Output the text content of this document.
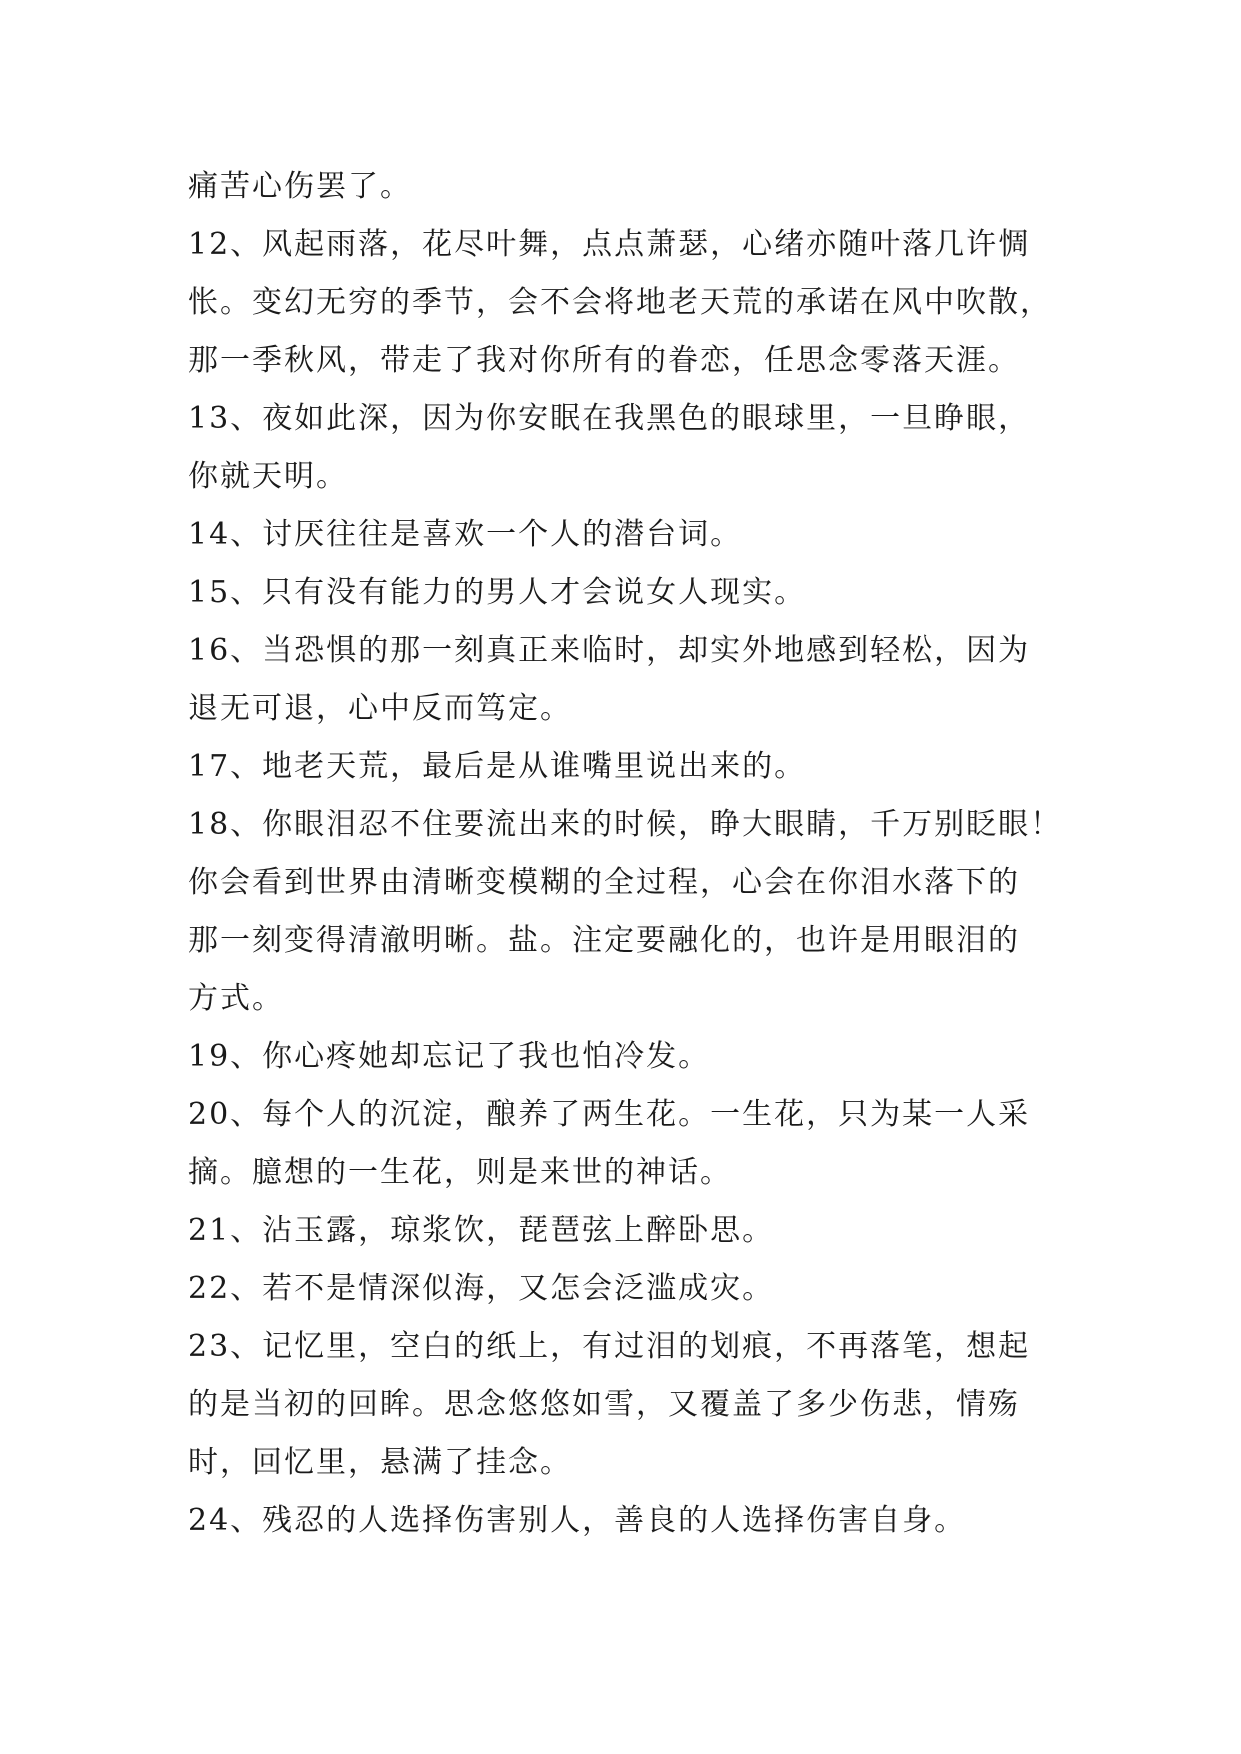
痛苦心伤罢了。
12、风起雨落，花尽叶舞，点点萧瑟，心绪亦随叶落几许惆
怅。变幻无穷的季节，会不会将地老天荒的承诺在风中吹散，
那一季秋风，带走了我对你所有的眷恋，任思念零落天涯。
13、夜如此深，因为你安眠在我黑色的眼球里，一旦睁眼，
你就天明。
14、讨厌往往是喜欢一个人的潜台词。
15、只有没有能力的男人才会说女人现实。
16、当恐惧的那一刻真正来临时，却实外地感到轻松，因为
退无可退，心中反而笃定。
17、地老天荒，最后是从谁嘴里说出来的。
18、你眼泪忍不住要流出来的时候，睁大眼睛，千万别眨眼！
你会看到世界由清晰变模糊的全过程，心会在你泪水落下的
那一刻变得清澈明晰。盐。注定要融化的，也许是用眼泪的
方式。
19、你心疼她却忘记了我也怕冷发。
20、每个人的沉淀，酿养了两生花。一生花，只为某一人采
摘。臆想的一生花，则是来世的神话。
21、沾玉露，琼浆饮，琵琶弦上醉卧思。
22、若不是情深似海，又怎会泛滥成灾。
23、记忆里，空白的纸上，有过泪的划痕，不再落笔，想起
的是当初的回眸。思念悠悠如雪，又覆盖了多少伤悲，情殇
时，回忆里，悬满了挂念。
24、残忍的人选择伤害别人，善良的人选择伤害自身。
